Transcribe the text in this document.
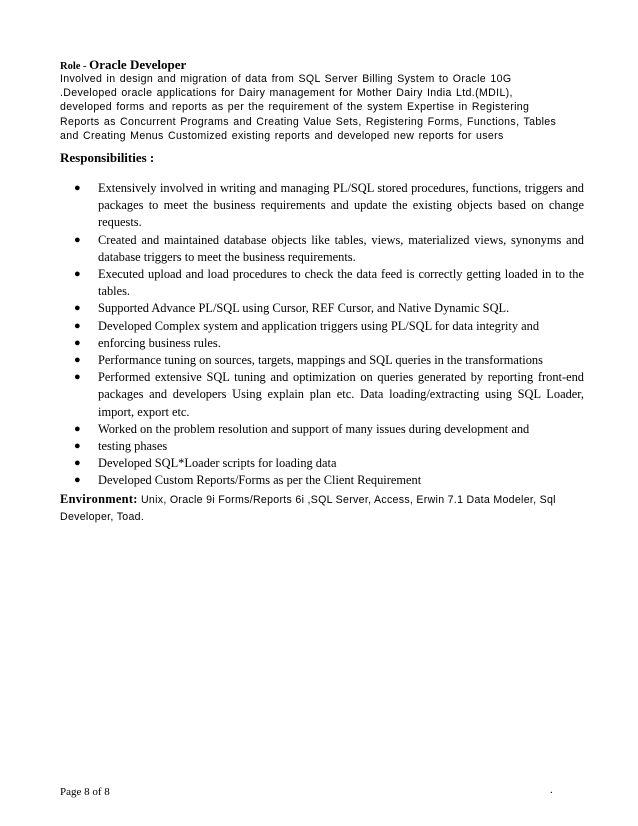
Role - Oracle Developer
Involved in design and migration of data from SQL Server Billing System to Oracle 10G
.Developed oracle applications for Dairy management for Mother Dairy India Ltd.(MDIL),
developed forms and reports as per the requirement of the system Expertise in Registering
Reports as Concurrent Programs and Creating Value Sets, Registering Forms, Functions, Tables
and Creating Menus Customized existing reports and developed new reports for users
Responsibilities :
● Extensively involved in writing and managing PL/SQL stored procedures, functions, triggers and packages to meet the business requirements and update the existing objects based on change requests.
● Created and maintained database objects like tables, views, materialized views, synonyms and database triggers to meet the business requirements.
● Executed upload and load procedures to check the data feed is correctly getting loaded in to the tables.
● Supported Advance PL/SQL using Cursor, REF Cursor, and Native Dynamic SQL.
● Developed Complex system and application triggers using PL/SQL for data integrity and
● enforcing business rules.
● Performance tuning on sources, targets, mappings and SQL queries in the transformations
● Performed extensive SQL tuning and optimization on queries generated by reporting front-end packages and developers Using explain plan etc. Data loading/extracting using SQL Loader, import, export etc.
● Worked on the problem resolution and support of many issues during development and
● testing phases
● Developed SQL*Loader scripts for loading data
● Developed Custom Reports/Forms as per the Client Requirement
Environment: Unix, Oracle 9i Forms/Reports 6i ,SQL Server, Access, Erwin 7.1 Data Modeler, Sql Developer, Toad.
Page 8 of 8	.
